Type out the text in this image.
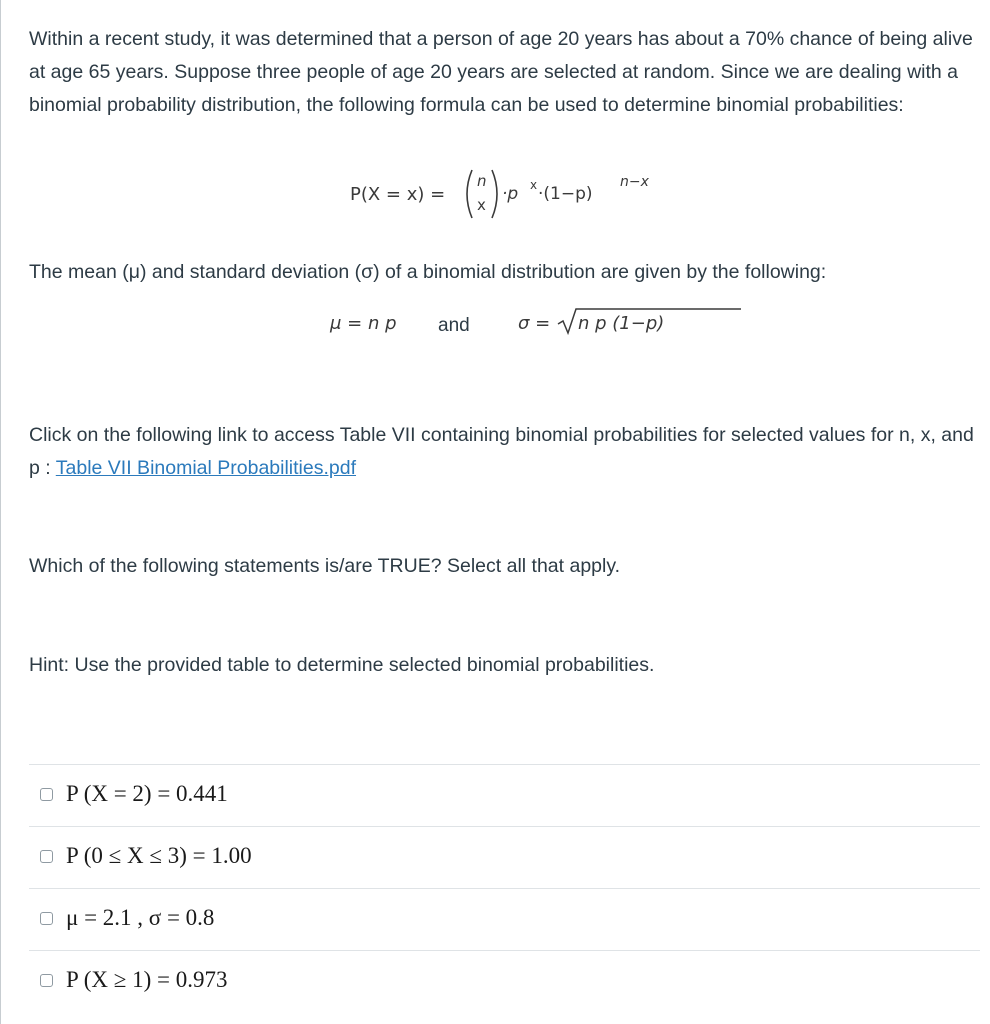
Within a recent study, it was determined that a person of age 20 years has about a 70% chance of being alive at age 65 years. Suppose three people of age 20 years are selected at random. Since we are dealing with a binomial probability distribution, the following formula can be used to determine binomial probabilities:
P(X = x) =
n
x
·p x ·(1−p)
n−x
The mean (μ) and standard deviation (σ) of a binomial distribution are given by the following:
μ = n p and	σ = n p (1−p)
Click on the following link to access Table VII containing binomial probabilities for selected values for n, x, and p : Table VII Binomial Probabilities.pdf
Which of the following statements is/are TRUE? Select all that apply.
Hint: Use the provided table to determine selected binomial probabilities.
P (X = 2) = 0.441
P (0 ≤ X ≤ 3) = 1.00
μ = 2.1 , σ = 0.8
P (X ≥ 1) = 0.973
